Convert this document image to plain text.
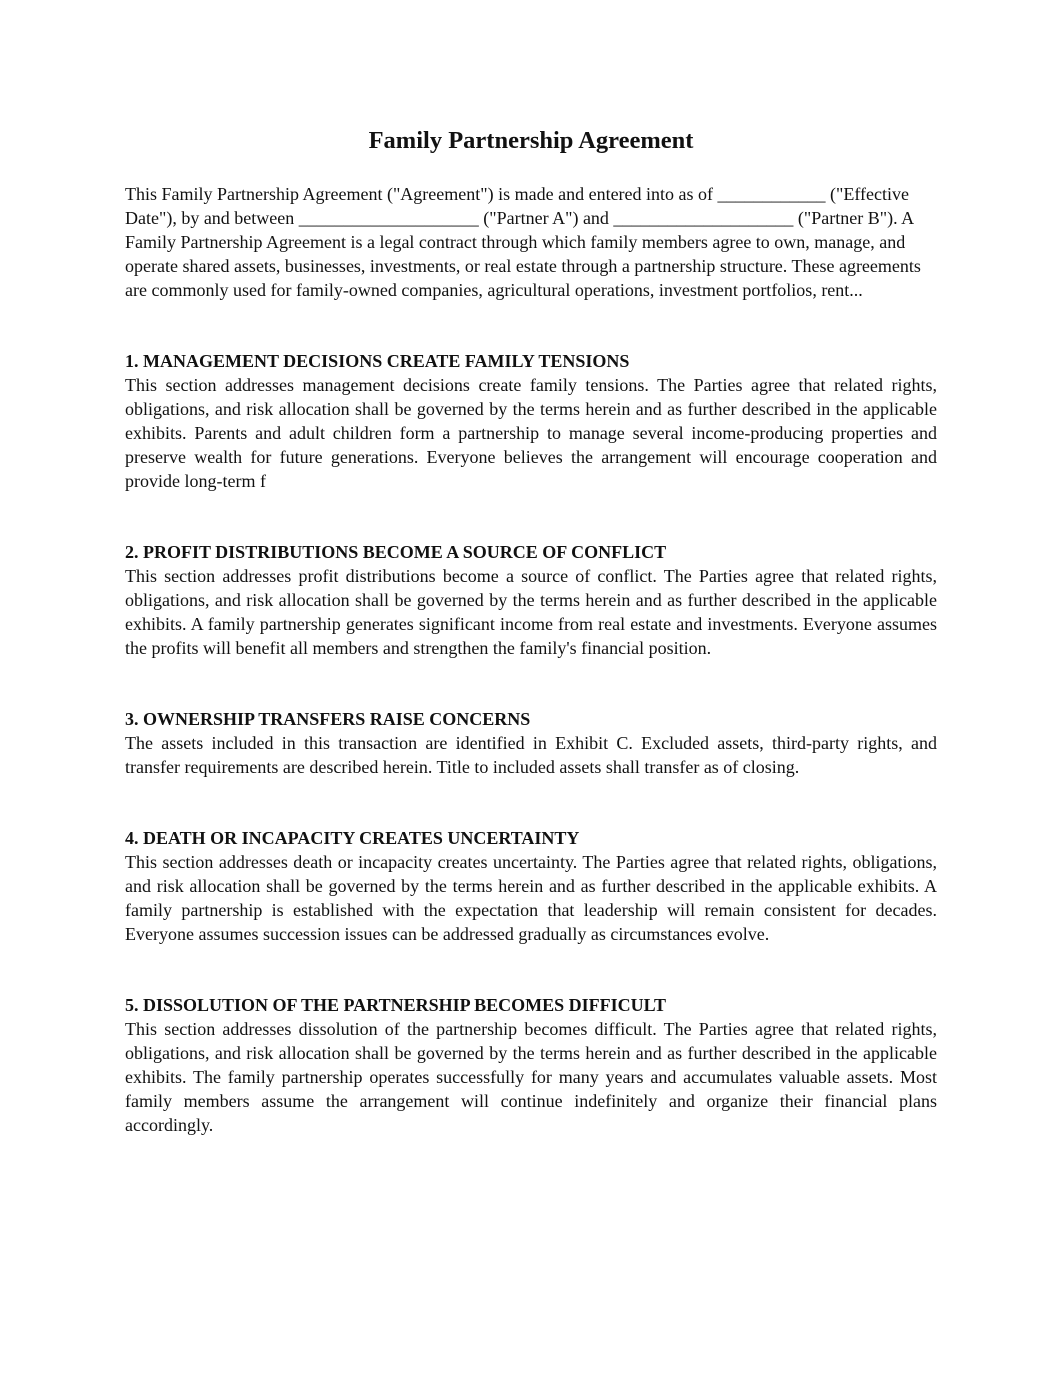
Family Partnership Agreement

This Family Partnership Agreement ("Agreement") is made and entered into as of ____________ ("Effective Date"), by and between ____________________ ("Partner A") and ____________________ ("Partner B"). A Family Partnership Agreement is a legal contract through which family members agree to own, manage, and operate shared assets, businesses, investments, or real estate through a partnership structure. These agreements are commonly used for family-owned companies, agricultural operations, investment portfolios, rent...

1. MANAGEMENT DECISIONS CREATE FAMILY TENSIONS

This section addresses management decisions create family tensions. The Parties agree that related rights, obligations, and risk allocation shall be governed by the terms herein and as further described in the applicable exhibits. Parents and adult children form a partnership to manage several income-producing properties and preserve wealth for future generations. Everyone believes the arrangement will encourage cooperation and provide long-term f

2. PROFIT DISTRIBUTIONS BECOME A SOURCE OF CONFLICT

This section addresses profit distributions become a source of conflict. The Parties agree that related rights, obligations, and risk allocation shall be governed by the terms herein and as further described in the applicable exhibits. A family partnership generates significant income from real estate and investments. Everyone assumes the profits will benefit all members and strengthen the family's financial position.

3. OWNERSHIP TRANSFERS RAISE CONCERNS

The assets included in this transaction are identified in Exhibit C. Excluded assets, third-party rights, and transfer requirements are described herein. Title to included assets shall transfer as of closing.

4. DEATH OR INCAPACITY CREATES UNCERTAINTY

This section addresses death or incapacity creates uncertainty. The Parties agree that related rights, obligations, and risk allocation shall be governed by the terms herein and as further described in the applicable exhibits. A family partnership is established with the expectation that leadership will remain consistent for decades. Everyone assumes succession issues can be addressed gradually as circumstances evolve.

5. DISSOLUTION OF THE PARTNERSHIP BECOMES DIFFICULT

This section addresses dissolution of the partnership becomes difficult. The Parties agree that related rights, obligations, and risk allocation shall be governed by the terms herein and as further described in the applicable exhibits. The family partnership operates successfully for many years and accumulates valuable assets. Most family members assume the arrangement will continue indefinitely and organize their financial plans accordingly.
